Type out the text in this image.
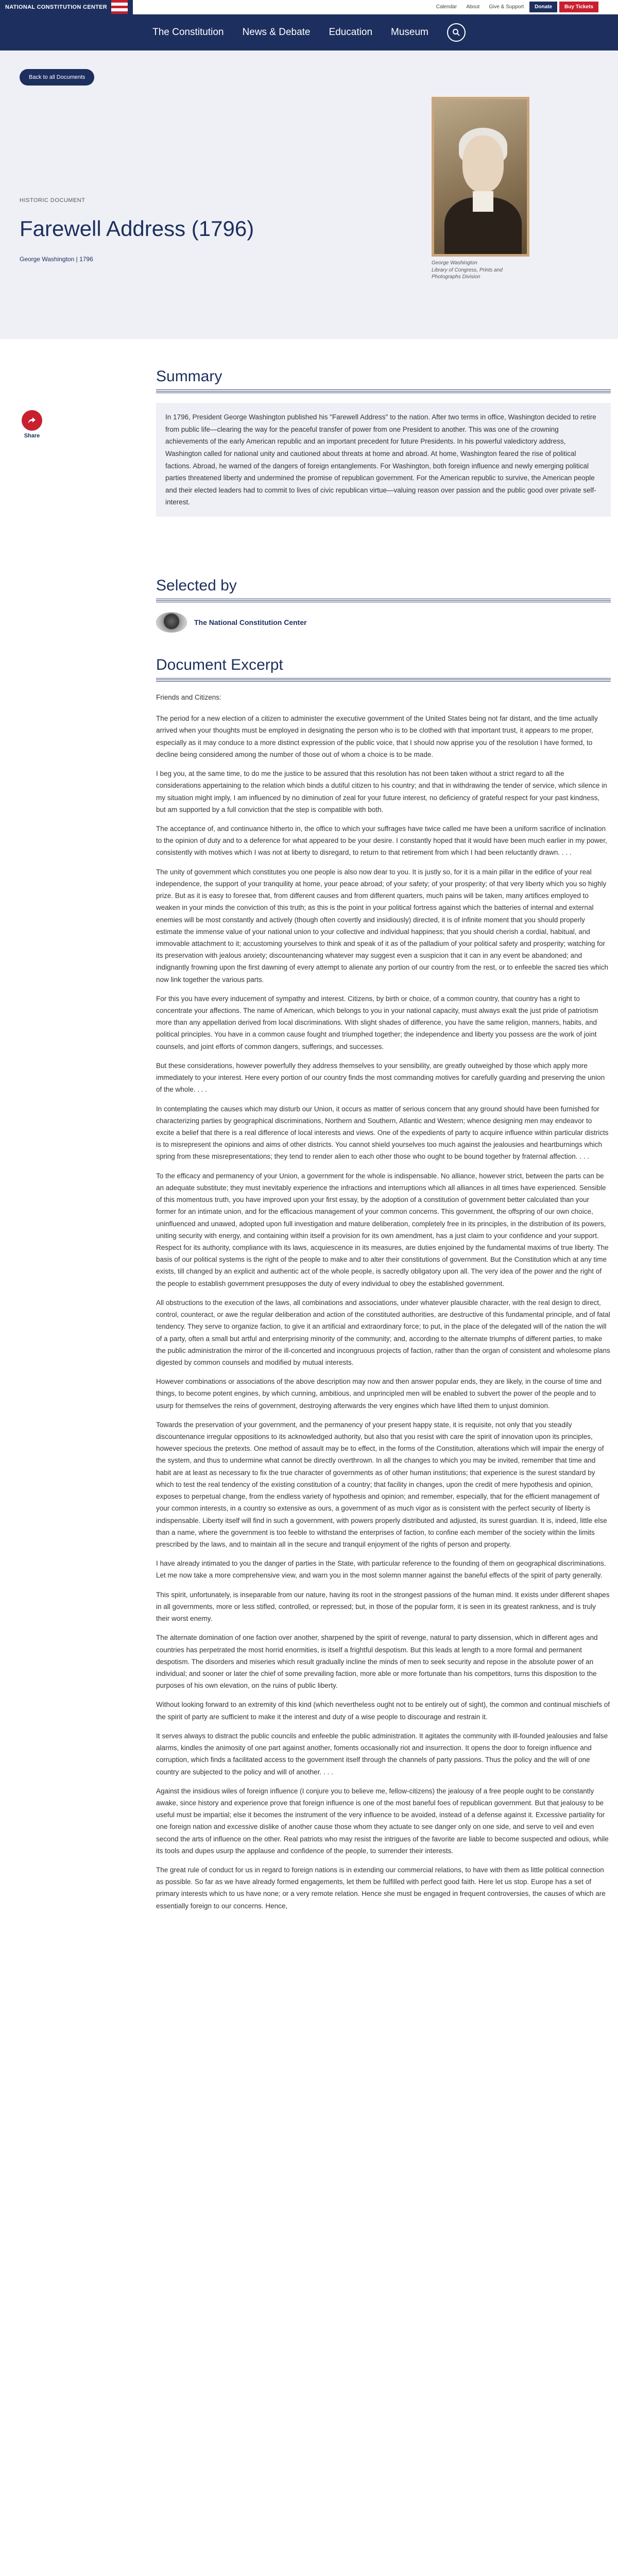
NATIONAL CONSTITUTION CENTER	Calendar	About	Give & Support	Donate	Buy Tickets
The Constitution News & Debate Education Museum
Back to all Documents
HISTORIC DOCUMENT
Farewell Address (1796)
George Washington | 1796
George Washington
Library of Congress, Prints and Photographs Division
Share
Summary
In 1796, President George Washington published his "Farewell Address" to the nation. After two terms in office, Washington decided to retire from public life—clearing the way for the peaceful transfer of power from one President to another. This was one of the crowning achievements of the early American republic and an important precedent for future Presidents. In his powerful valedictory address, Washington called for national unity and cautioned about threats at home and abroad. At home, Washington feared the rise of political factions. Abroad, he warned of the dangers of foreign entanglements. For Washington, both foreign influence and newly emerging political parties threatened liberty and undermined the promise of republican government. For the American republic to survive, the American people and their elected leaders had to commit to lives of civic republican virtue—valuing reason over passion and the public good over private self-interest.
Selected by
The National Constitution Center
Document Excerpt

Friends and Citizens:

The period for a new election of a citizen to administer the executive government of the United States being not far distant, and the time actually arrived when your thoughts must be employed in designating the person who is to be clothed with that important trust, it appears to me proper, especially as it may conduce to a more distinct expression of the public voice, that I should now apprise you of the resolution I have formed, to decline being considered among the number of those out of whom a choice is to be made.

I beg you, at the same time, to do me the justice to be assured that this resolution has not been taken without a strict regard to all the considerations appertaining to the relation which binds a dutiful citizen to his country; and that in withdrawing the tender of service, which silence in my situation might imply, I am influenced by no diminution of zeal for your future interest, no deficiency of grateful respect for your past kindness, but am supported by a full conviction that the step is compatible with both.

The acceptance of, and continuance hitherto in, the office to which your suffrages have twice called me have been a uniform sacrifice of inclination to the opinion of duty and to a deference for what appeared to be your desire. I constantly hoped that it would have been much earlier in my power, consistently with motives which I was not at liberty to disregard, to return to that retirement from which I had been reluctantly drawn. . . .

The unity of government which constitutes you one people is also now dear to you. It is justly so, for it is a main pillar in the edifice of your real independence, the support of your tranquility at home, your peace abroad; of your safety; of your prosperity; of that very liberty which you so highly prize. But as it is easy to foresee that, from different causes and from different quarters, much pains will be taken, many artifices employed to weaken in your minds the conviction of this truth; as this is the point in your political fortress against which the batteries of internal and external enemies will be most constantly and actively (though often covertly and insidiously) directed, it is of infinite moment that you should properly estimate the immense value of your national union to your collective and individual happiness; that you should cherish a cordial, habitual, and immovable attachment to it; accustoming yourselves to think and speak of it as of the palladium of your political safety and prosperity; watching for its preservation with jealous anxiety; discountenancing whatever may suggest even a suspicion that it can in any event be abandoned; and indignantly frowning upon the first dawning of every attempt to alienate any portion of our country from the rest, or to enfeeble the sacred ties which now link together the various parts.

For this you have every inducement of sympathy and interest. Citizens, by birth or choice, of a common country, that country has a right to concentrate your affections. The name of American, which belongs to you in your national capacity, must always exalt the just pride of patriotism more than any appellation derived from local discriminations. With slight shades of difference, you have the same religion, manners, habits, and political principles. You have in a common cause fought and triumphed together; the independence and liberty you possess are the work of joint counsels, and joint efforts of common dangers, sufferings, and successes.

But these considerations, however powerfully they address themselves to your sensibility, are greatly outweighed by those which apply more immediately to your interest. Here every portion of our country finds the most commanding motives for carefully guarding and preserving the union of the whole. . . .

In contemplating the causes which may disturb our Union, it occurs as matter of serious concern that any ground should have been furnished for characterizing parties by geographical discriminations, Northern and Southern, Atlantic and Western; whence designing men may endeavor to excite a belief that there is a real difference of local interests and views. One of the expedients of party to acquire influence within particular districts is to misrepresent the opinions and aims of other districts. You cannot shield yourselves too much against the jealousies and heartburnings which spring from these misrepresentations; they tend to render alien to each other those who ought to be bound together by fraternal affection. . . .

To the efficacy and permanency of your Union, a government for the whole is indispensable. No alliance, however strict, between the parts can be an adequate substitute; they must inevitably experience the infractions and interruptions which all alliances in all times have experienced. Sensible of this momentous truth, you have improved upon your first essay, by the adoption of a constitution of government better calculated than your former for an intimate union, and for the efficacious management of your common concerns. This government, the offspring of our own choice, uninfluenced and unawed, adopted upon full investigation and mature deliberation, completely free in its principles, in the distribution of its powers, uniting security with energy, and containing within itself a provision for its own amendment, has a just claim to your confidence and your support. Respect for its authority, compliance with its laws, acquiescence in its measures, are duties enjoined by the fundamental maxims of true liberty. The basis of our political systems is the right of the people to make and to alter their constitutions of government. But the Constitution which at any time exists, till changed by an explicit and authentic act of the whole people, is sacredly obligatory upon all. The very idea of the power and the right of the people to establish government presupposes the duty of every individual to obey the established government.

All obstructions to the execution of the laws, all combinations and associations, under whatever plausible character, with the real design to direct, control, counteract, or awe the regular deliberation and action of the constituted authorities, are destructive of this fundamental principle, and of fatal tendency. They serve to organize faction, to give it an artificial and extraordinary force; to put, in the place of the delegated will of the nation the will of a party, often a small but artful and enterprising minority of the community; and, according to the alternate triumphs of different parties, to make the public administration the mirror of the ill-concerted and incongruous projects of faction, rather than the organ of consistent and wholesome plans digested by common counsels and modified by mutual interests.

However combinations or associations of the above description may now and then answer popular ends, they are likely, in the course of time and things, to become potent engines, by which cunning, ambitious, and unprincipled men will be enabled to subvert the power of the people and to usurp for themselves the reins of government, destroying afterwards the very engines which have lifted them to unjust dominion.

Towards the preservation of your government, and the permanency of your present happy state, it is requisite, not only that you steadily discountenance irregular oppositions to its acknowledged authority, but also that you resist with care the spirit of innovation upon its principles, however specious the pretexts. One method of assault may be to effect, in the forms of the Constitution, alterations which will impair the energy of the system, and thus to undermine what cannot be directly overthrown. In all the changes to which you may be invited, remember that time and habit are at least as necessary to fix the true character of governments as of other human institutions; that experience is the surest standard by which to test the real tendency of the existing constitution of a country; that facility in changes, upon the credit of mere hypothesis and opinion, exposes to perpetual change, from the endless variety of hypothesis and opinion; and remember, especially, that for the efficient management of your common interests, in a country so extensive as ours, a government of as much vigor as is consistent with the perfect security of liberty is indispensable. Liberty itself will find in such a government, with powers properly distributed and adjusted, its surest guardian. It is, indeed, little else than a name, where the government is too feeble to withstand the enterprises of faction, to confine each member of the society within the limits prescribed by the laws, and to maintain all in the secure and tranquil enjoyment of the rights of person and property.

I have already intimated to you the danger of parties in the State, with particular reference to the founding of them on geographical discriminations. Let me now take a more comprehensive view, and warn you in the most solemn manner against the baneful effects of the spirit of party generally.

This spirit, unfortunately, is inseparable from our nature, having its root in the strongest passions of the human mind. It exists under different shapes in all governments, more or less stifled, controlled, or repressed; but, in those of the popular form, it is seen in its greatest rankness, and is truly their worst enemy.

The alternate domination of one faction over another, sharpened by the spirit of revenge, natural to party dissension, which in different ages and countries has perpetrated the most horrid enormities, is itself a frightful despotism. But this leads at length to a more formal and permanent despotism. The disorders and miseries which result gradually incline the minds of men to seek security and repose in the absolute power of an individual; and sooner or later the chief of some prevailing faction, more able or more fortunate than his competitors, turns this disposition to the purposes of his own elevation, on the ruins of public liberty.

Without looking forward to an extremity of this kind (which nevertheless ought not to be entirely out of sight), the common and continual mischiefs of the spirit of party are sufficient to make it the interest and duty of a wise people to discourage and restrain it.

It serves always to distract the public councils and enfeeble the public administration. It agitates the community with ill-founded jealousies and false alarms, kindles the animosity of one part against another, foments occasionally riot and insurrection. It opens the door to foreign influence and corruption, which finds a facilitated access to the government itself through the channels of party passions. Thus the policy and the will of one country are subjected to the policy and will of another. . . .

Against the insidious wiles of foreign influence (I conjure you to believe me, fellow-citizens) the jealousy of a free people ought to be constantly awake, since history and experience prove that foreign influence is one of the most baneful foes of republican government. But that jealousy to be useful must be impartial; else it becomes the instrument of the very influence to be avoided, instead of a defense against it. Excessive partiality for one foreign nation and excessive dislike of another cause those whom they actuate to see danger only on one side, and serve to veil and even second the arts of influence on the other. Real patriots who may resist the intrigues of the favorite are liable to become suspected and odious, while its tools and dupes usurp the applause and confidence of the people, to surrender their interests.

The great rule of conduct for us in regard to foreign nations is in extending our commercial relations, to have with them as little political connection as possible. So far as we have already formed engagements, let them be fulfilled with perfect good faith. Here let us stop. Europe has a set of primary interests which to us have none; or a very remote relation. Hence she must be engaged in frequent controversies, the causes of which are essentially foreign to our concerns. Hence,
